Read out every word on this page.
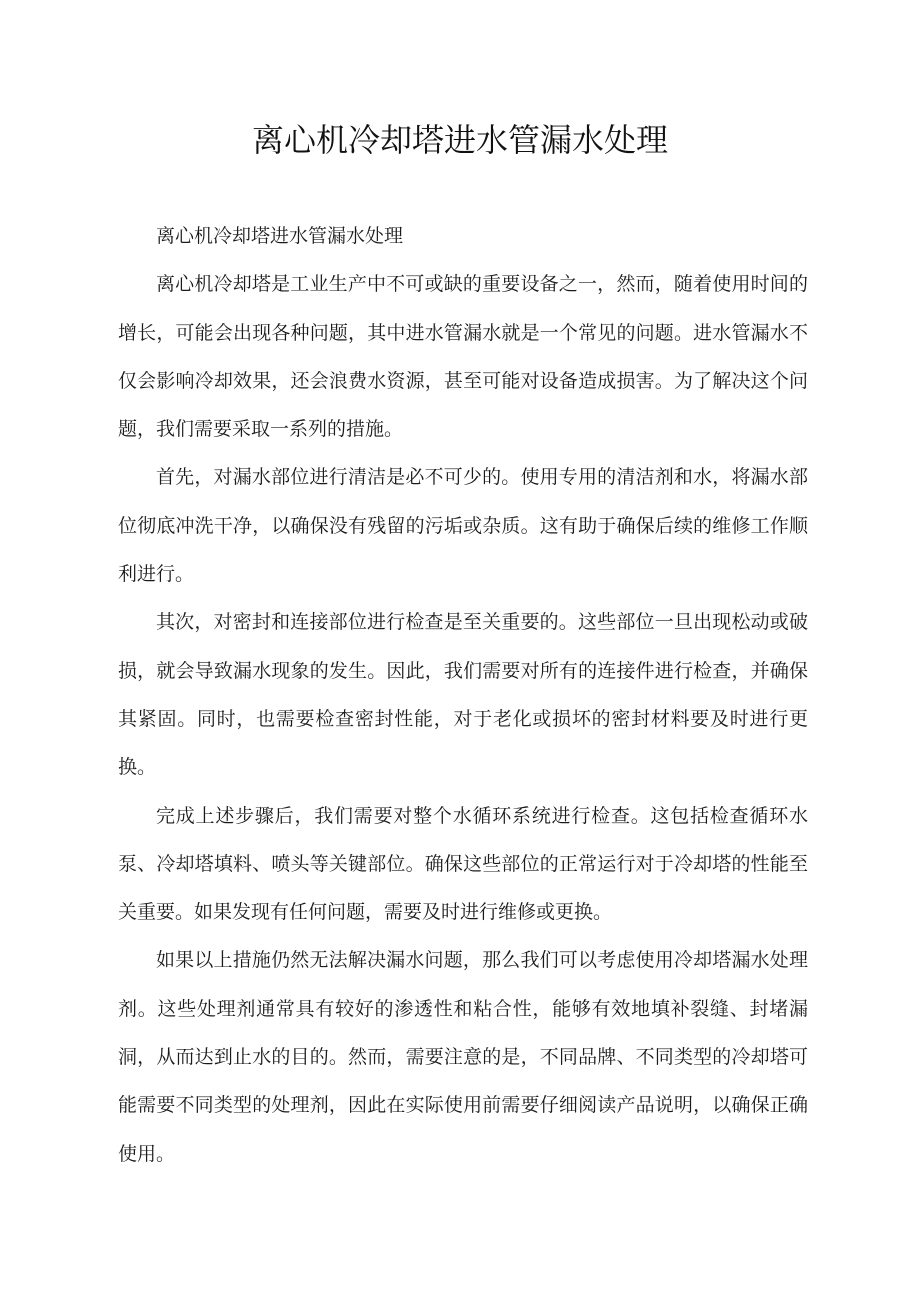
离心机冷却塔进水管漏水处理

离心机冷却塔进水管漏水处理

离心机冷却塔是工业生产中不可或缺的重要设备之一，然而，随着使用时间的增长，可能会出现各种问题，其中进水管漏水就是一个常见的问题。进水管漏水不仅会影响冷却效果，还会浪费水资源，甚至可能对设备造成损害。为了解决这个问题，我们需要采取一系列的措施。

首先，对漏水部位进行清洁是必不可少的。使用专用的清洁剂和水，将漏水部位彻底冲洗干净，以确保没有残留的污垢或杂质。这有助于确保后续的维修工作顺利进行。

其次，对密封和连接部位进行检查是至关重要的。这些部位一旦出现松动或破损，就会导致漏水现象的发生。因此，我们需要对所有的连接件进行检查，并确保其紧固。同时，也需要检查密封性能，对于老化或损坏的密封材料要及时进行更换。

完成上述步骤后，我们需要对整个水循环系统进行检查。这包括检查循环水泵、冷却塔填料、喷头等关键部位。确保这些部位的正常运行对于冷却塔的性能至关重要。如果发现有任何问题，需要及时进行维修或更换。

如果以上措施仍然无法解决漏水问题，那么我们可以考虑使用冷却塔漏水处理剂。这些处理剂通常具有较好的渗透性和粘合性，能够有效地填补裂缝、封堵漏洞，从而达到止水的目的。然而，需要注意的是，不同品牌、不同类型的冷却塔可能需要不同类型的处理剂，因此在实际使用前需要仔细阅读产品说明，以确保正确使用。
